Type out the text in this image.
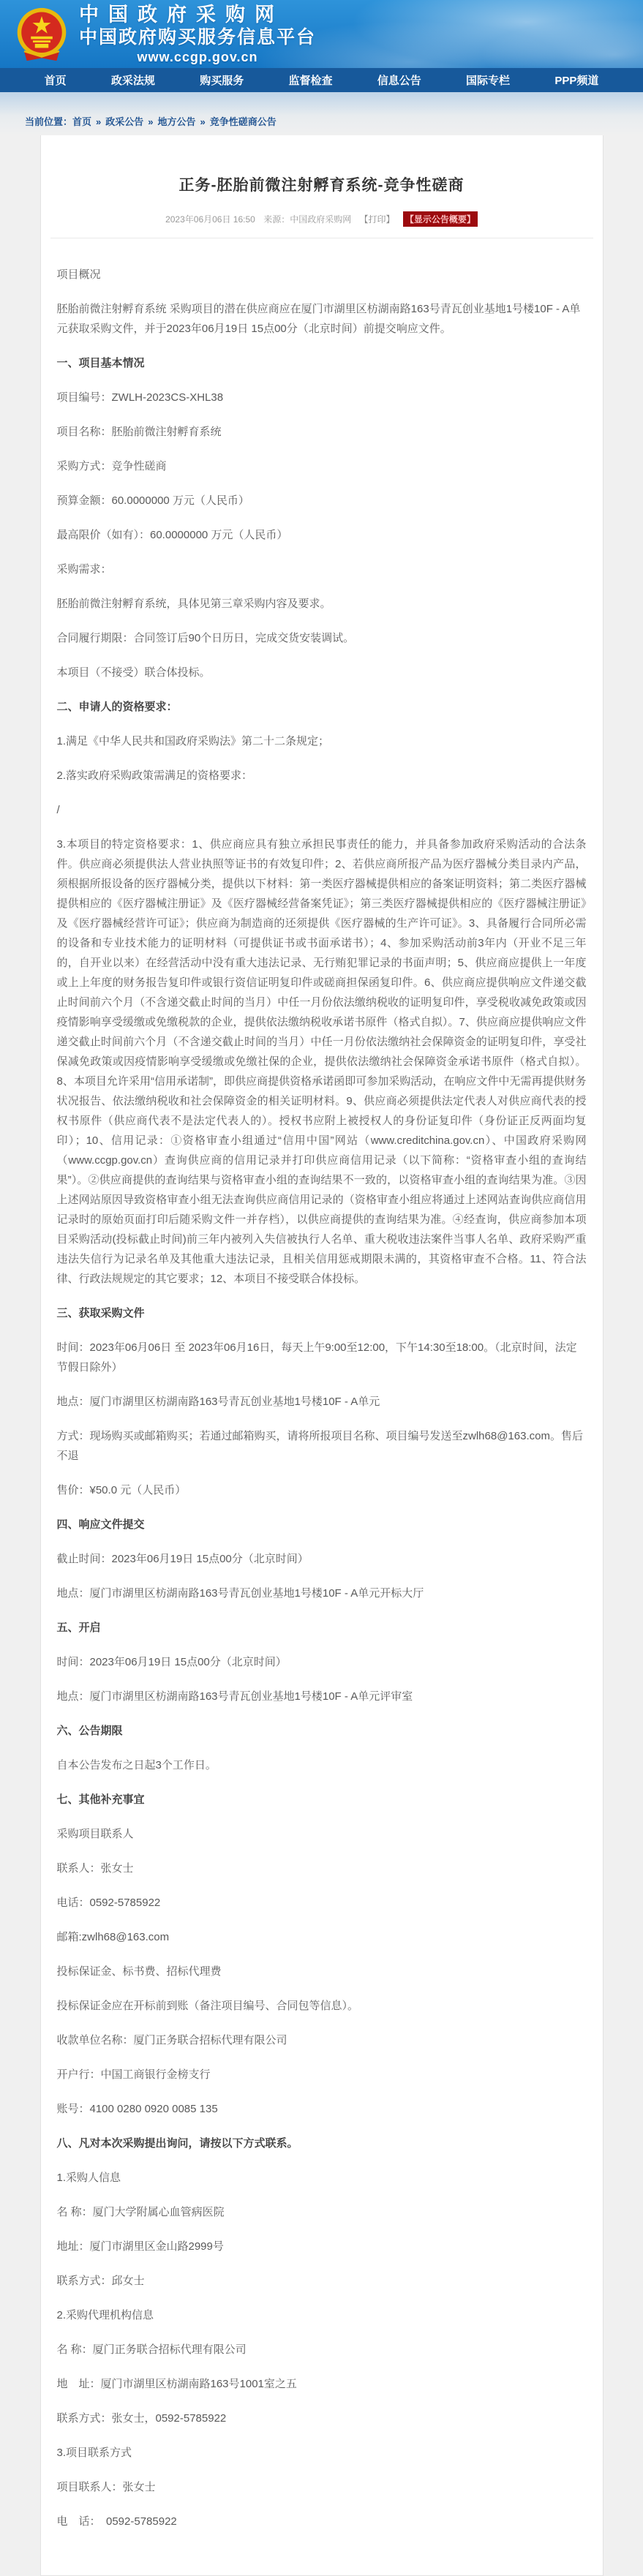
中国政府采购网
中国政府购买服务信息平台
www.ccgp.gov.cn
首页	政采法规	购买服务	监督检查	信息公告	国际专栏	PPP频道
当前位置：首页 » 政采公告 » 地方公告 » 竞争性磋商公告
正务-胚胎前微注射孵育系统-竞争性磋商
2023年06月06日 16:50 来源：中国政府采购网 【打印】 【显示公告概要】

项目概况

胚胎前微注射孵育系统 采购项目的潜在供应商应在厦门市湖里区枋湖南路163号青瓦创业基地1号楼10F - A单元获取采购文件，并于2023年06月19日 15点00分（北京时间）前提交响应文件。

一、项目基本情况

项目编号：ZWLH-2023CS-XHL38

项目名称：胚胎前微注射孵育系统

采购方式：竞争性磋商

预算金额：60.0000000 万元（人民币）

最高限价（如有）：60.0000000 万元（人民币）

采购需求：

胚胎前微注射孵育系统，具体见第三章采购内容及要求。

合同履行期限：合同签订后90个日历日，完成交货安装调试。

本项目（不接受）联合体投标。

二、申请人的资格要求：

1.满足《中华人民共和国政府采购法》第二十二条规定；

2.落实政府采购政策需满足的资格要求：

/

3.本项目的特定资格要求：1、供应商应具有独立承担民事责任的能力，并具备参加政府采购活动的合法条件。供应商必须提供法人营业执照等证书的有效复印件；2、若供应商所报产品为医疗器械分类目录内产品，须根据所报设备的医疗器械分类，提供以下材料：第一类医疗器械提供相应的备案证明资料；第二类医疗器械提供相应的《医疗器械注册证》及《医疗器械经营备案凭证》；第三类医疗器械提供相应的《医疗器械注册证》及《医疗器械经营许可证》；供应商为制造商的还须提供《医疗器械的生产许可证》。3、具备履行合同所必需的设备和专业技术能力的证明材料（可提供证书或书面承诺书）；4、参加采购活动前3年内（开业不足三年的，自开业以来）在经营活动中没有重大违法记录、无行贿犯罪记录的书面声明；5、供应商应提供上一年度或上上年度的财务报告复印件或银行资信证明复印件或磋商担保函复印件。6、供应商应提供响应文件递交截止时间前六个月（不含递交截止时间的当月）中任一月份依法缴纳税收的证明复印件，享受税收减免政策或因疫情影响享受缓缴或免缴税款的企业，提供依法缴纳税收承诺书原件（格式自拟）。7、供应商应提供响应文件递交截止时间前六个月（不含递交截止时间的当月）中任一月份依法缴纳社会保障资金的证明复印件，享受社保减免政策或因疫情影响享受缓缴或免缴社保的企业，提供依法缴纳社会保障资金承诺书原件（格式自拟）。8、本项目允许采用“信用承诺制”，即供应商提供资格承诺函即可参加采购活动，在响应文件中无需再提供财务状况报告、依法缴纳税收和社会保障资金的相关证明材料。9、供应商必须提供法定代表人对供应商代表的授权书原件（供应商代表不是法定代表人的）。授权书应附上被授权人的身份证复印件（身份证正反两面均复印）；10、信用记录：①资格审查小组通过“信用中国”网站（www.creditchina.gov.cn）、中国政府采购网（www.ccgp.gov.cn）查询供应商的信用记录并打印供应商信用记录（以下简称：“资格审查小组的查询结果”）。②供应商提供的查询结果与资格审查小组的查询结果不一致的，以资格审查小组的查询结果为准。③因上述网站原因导致资格审查小组无法查询供应商信用记录的（资格审查小组应将通过上述网站查询供应商信用记录时的原始页面打印后随采购文件一并存档），以供应商提供的查询结果为准。④经查询，供应商参加本项目采购活动(投标截止时间)前三年内被列入失信被执行人名单、重大税收违法案件当事人名单、政府采购严重违法失信行为记录名单及其他重大违法记录，且相关信用惩戒期限未满的，其资格审查不合格。11、符合法律、行政法规规定的其它要求；12、本项目不接受联合体投标。

三、获取采购文件

时间：2023年06月06日 至 2023年06月16日，每天上午9:00至12:00，下午14:30至18:00。（北京时间，法定节假日除外）

地点：厦门市湖里区枋湖南路163号青瓦创业基地1号楼10F - A单元

方式：现场购买或邮箱购买；若通过邮箱购买，请将所报项目名称、项目编号发送至zwlh68@163.com。售后不退

售价：¥50.0 元（人民币）

四、响应文件提交

截止时间：2023年06月19日 15点00分（北京时间）

地点：厦门市湖里区枋湖南路163号青瓦创业基地1号楼10F - A单元开标大厅

五、开启

时间：2023年06月19日 15点00分（北京时间）

地点：厦门市湖里区枋湖南路163号青瓦创业基地1号楼10F - A单元评审室

六、公告期限

自本公告发布之日起3个工作日。

七、其他补充事宜

采购项目联系人

联系人：张女士

电话：0592-5785922

邮箱:zwlh68@163.com

投标保证金、标书费、招标代理费

投标保证金应在开标前到账（备注项目编号、合同包等信息）。

收款单位名称：厦门正务联合招标代理有限公司

开户行：中国工商银行金榜支行

账号：4100 0280 0920 0085 135

八、凡对本次采购提出询问，请按以下方式联系。

1.采购人信息

名 称：厦门大学附属心血管病医院

地址：厦门市湖里区金山路2999号

联系方式：邱女士

2.采购代理机构信息

名 称：厦门正务联合招标代理有限公司

地　址：厦门市湖里区枋湖南路163号1001室之五

联系方式：张女士，0592-5785922

3.项目联系方式

项目联系人：张女士

电　话：　0592-5785922
